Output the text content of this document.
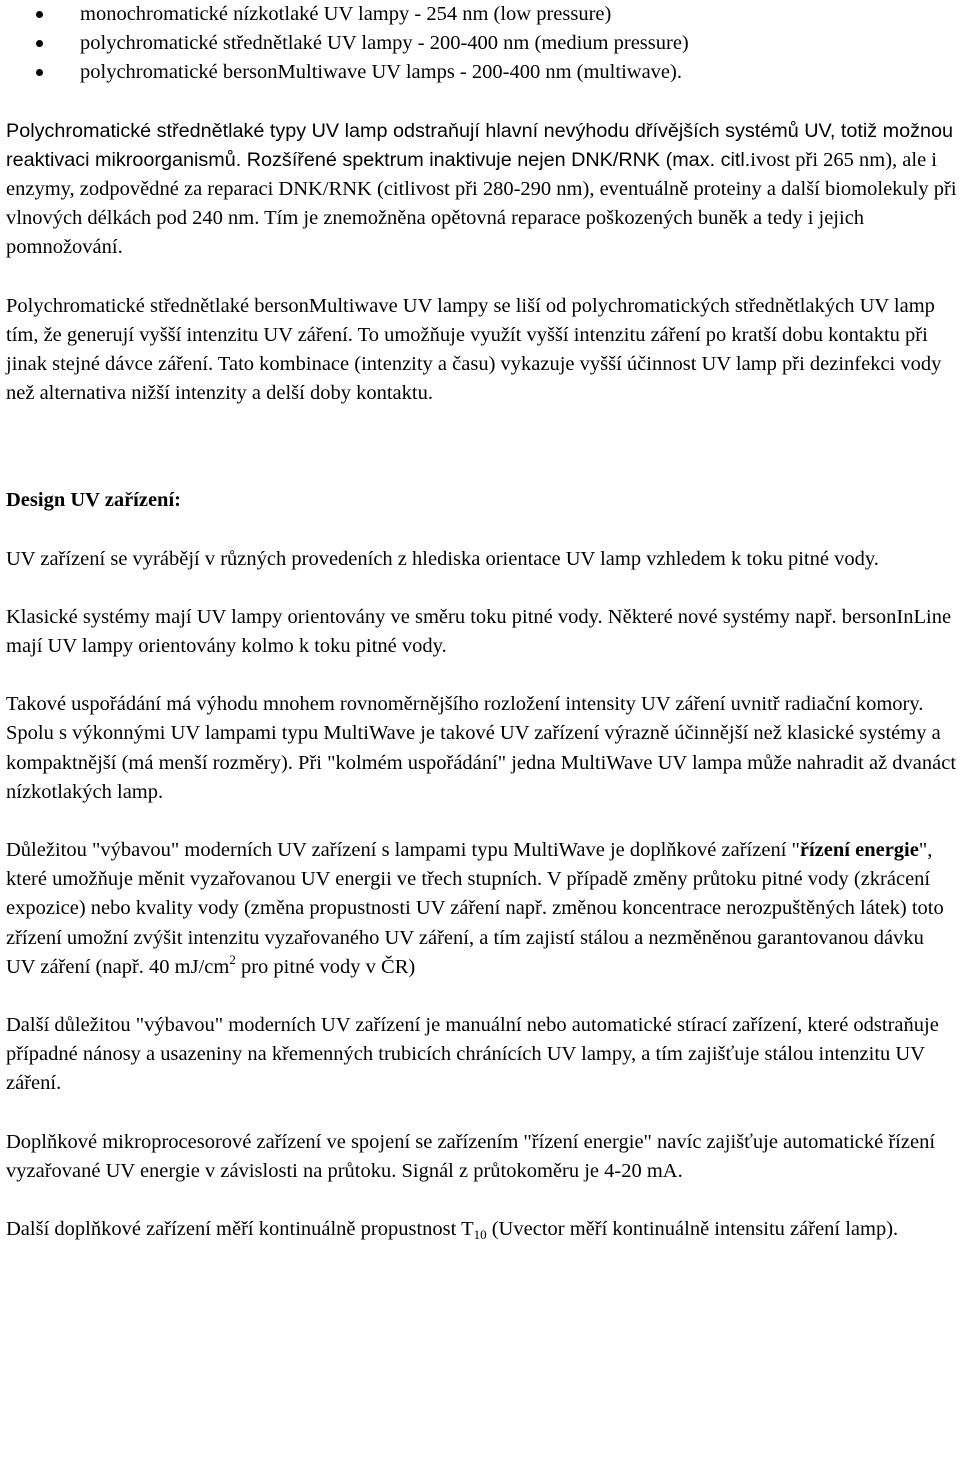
monochromatické nízkotlaké UV lampy - 254 nm (low pressure)
polychromatické střednětlaké UV lampy - 200-400 nm (medium pressure)
polychromatické bersonMultiwave UV lamps - 200-400 nm (multiwave).

Polychromatické střednětlaké typy UV lamp odstraňují hlavní nevýhodu dřívějších systémů UV, totiž možnou reaktivaci mikroorganismů. Rozšířené spektrum inaktivuje nejen DNK/RNK (max. citl.ivost při 265 nm), ale i enzymy, zodpovědné za reparaci DNK/RNK (citlivost při 280-290 nm), eventuálně proteiny a další biomolekuly při vlnových délkách pod 240 nm. Tím je znemožněna opětovná reparace poškozených buněk a tedy i jejich pomnožování.

Polychromatické střednětlaké bersonMultiwave UV lampy se liší od polychromatických střednětlakých UV lamp tím, že generují vyšší intenzitu UV záření. To umožňuje využít vyšší intenzitu záření po kratší dobu kontaktu při jinak stejné dávce záření. Tato kombinace (intenzity a času) vykazuje vyšší účinnost UV lamp při dezinfekci vody než alternativa nižší intenzity a delší doby kontaktu.

Design UV zařízení:

UV zařízení se vyrábějí v různých provedeních z hlediska orientace UV lamp vzhledem k toku pitné vody.

Klasické systémy mají UV lampy orientovány ve směru toku pitné vody. Některé nové systémy např. bersonInLine mají UV lampy orientovány kolmo k toku pitné vody.

Takové uspořádání má výhodu mnohem rovnoměrnějšího rozložení intensity UV záření uvnitř radiační komory. Spolu s výkonnými UV lampami typu MultiWave je takové UV zařízení výrazně účinnější než klasické systémy a kompaktnější (má menší rozměry). Při "kolmém uspořádání" jedna MultiWave UV lampa může nahradit až dvanáct nízkotlakých lamp.

Důležitou "výbavou" moderních UV zařízení s lampami typu MultiWave je doplňkové zařízení "řízení energie", které umožňuje měnit vyzařovanou UV energii ve třech stupních. V případě změny průtoku pitné vody (zkrácení expozice) nebo kvality vody (změna propustnosti UV záření např. změnou koncentrace nerozpuštěných látek) toto zřízení umožní zvýšit intenzitu vyzařovaného UV záření, a tím zajistí stálou a nezměněnou garantovanou dávku UV záření (např. 40 $mJ/cm^2$ pro pitné vody v ČR)

Další důležitou "výbavou" moderních UV zařízení je manuální nebo automatické stírací zařízení, které odstraňuje případné nánosy a usazeniny na křemenných trubicích chránících UV lampy, a tím zajišťuje stálou intenzitu UV záření.

Doplňkové mikroprocesorové zařízení ve spojení se zařízením "řízení energie" navíc zajišťuje automatické řízení vyzařované UV energie v závislosti na průtoku. Signál z průtokoměru je 4-20 mA.

Další doplňkové zařízení měří kontinuálně propustnost $T_{10}$ (Uvector měří kontinuálně intensitu záření lamp).
